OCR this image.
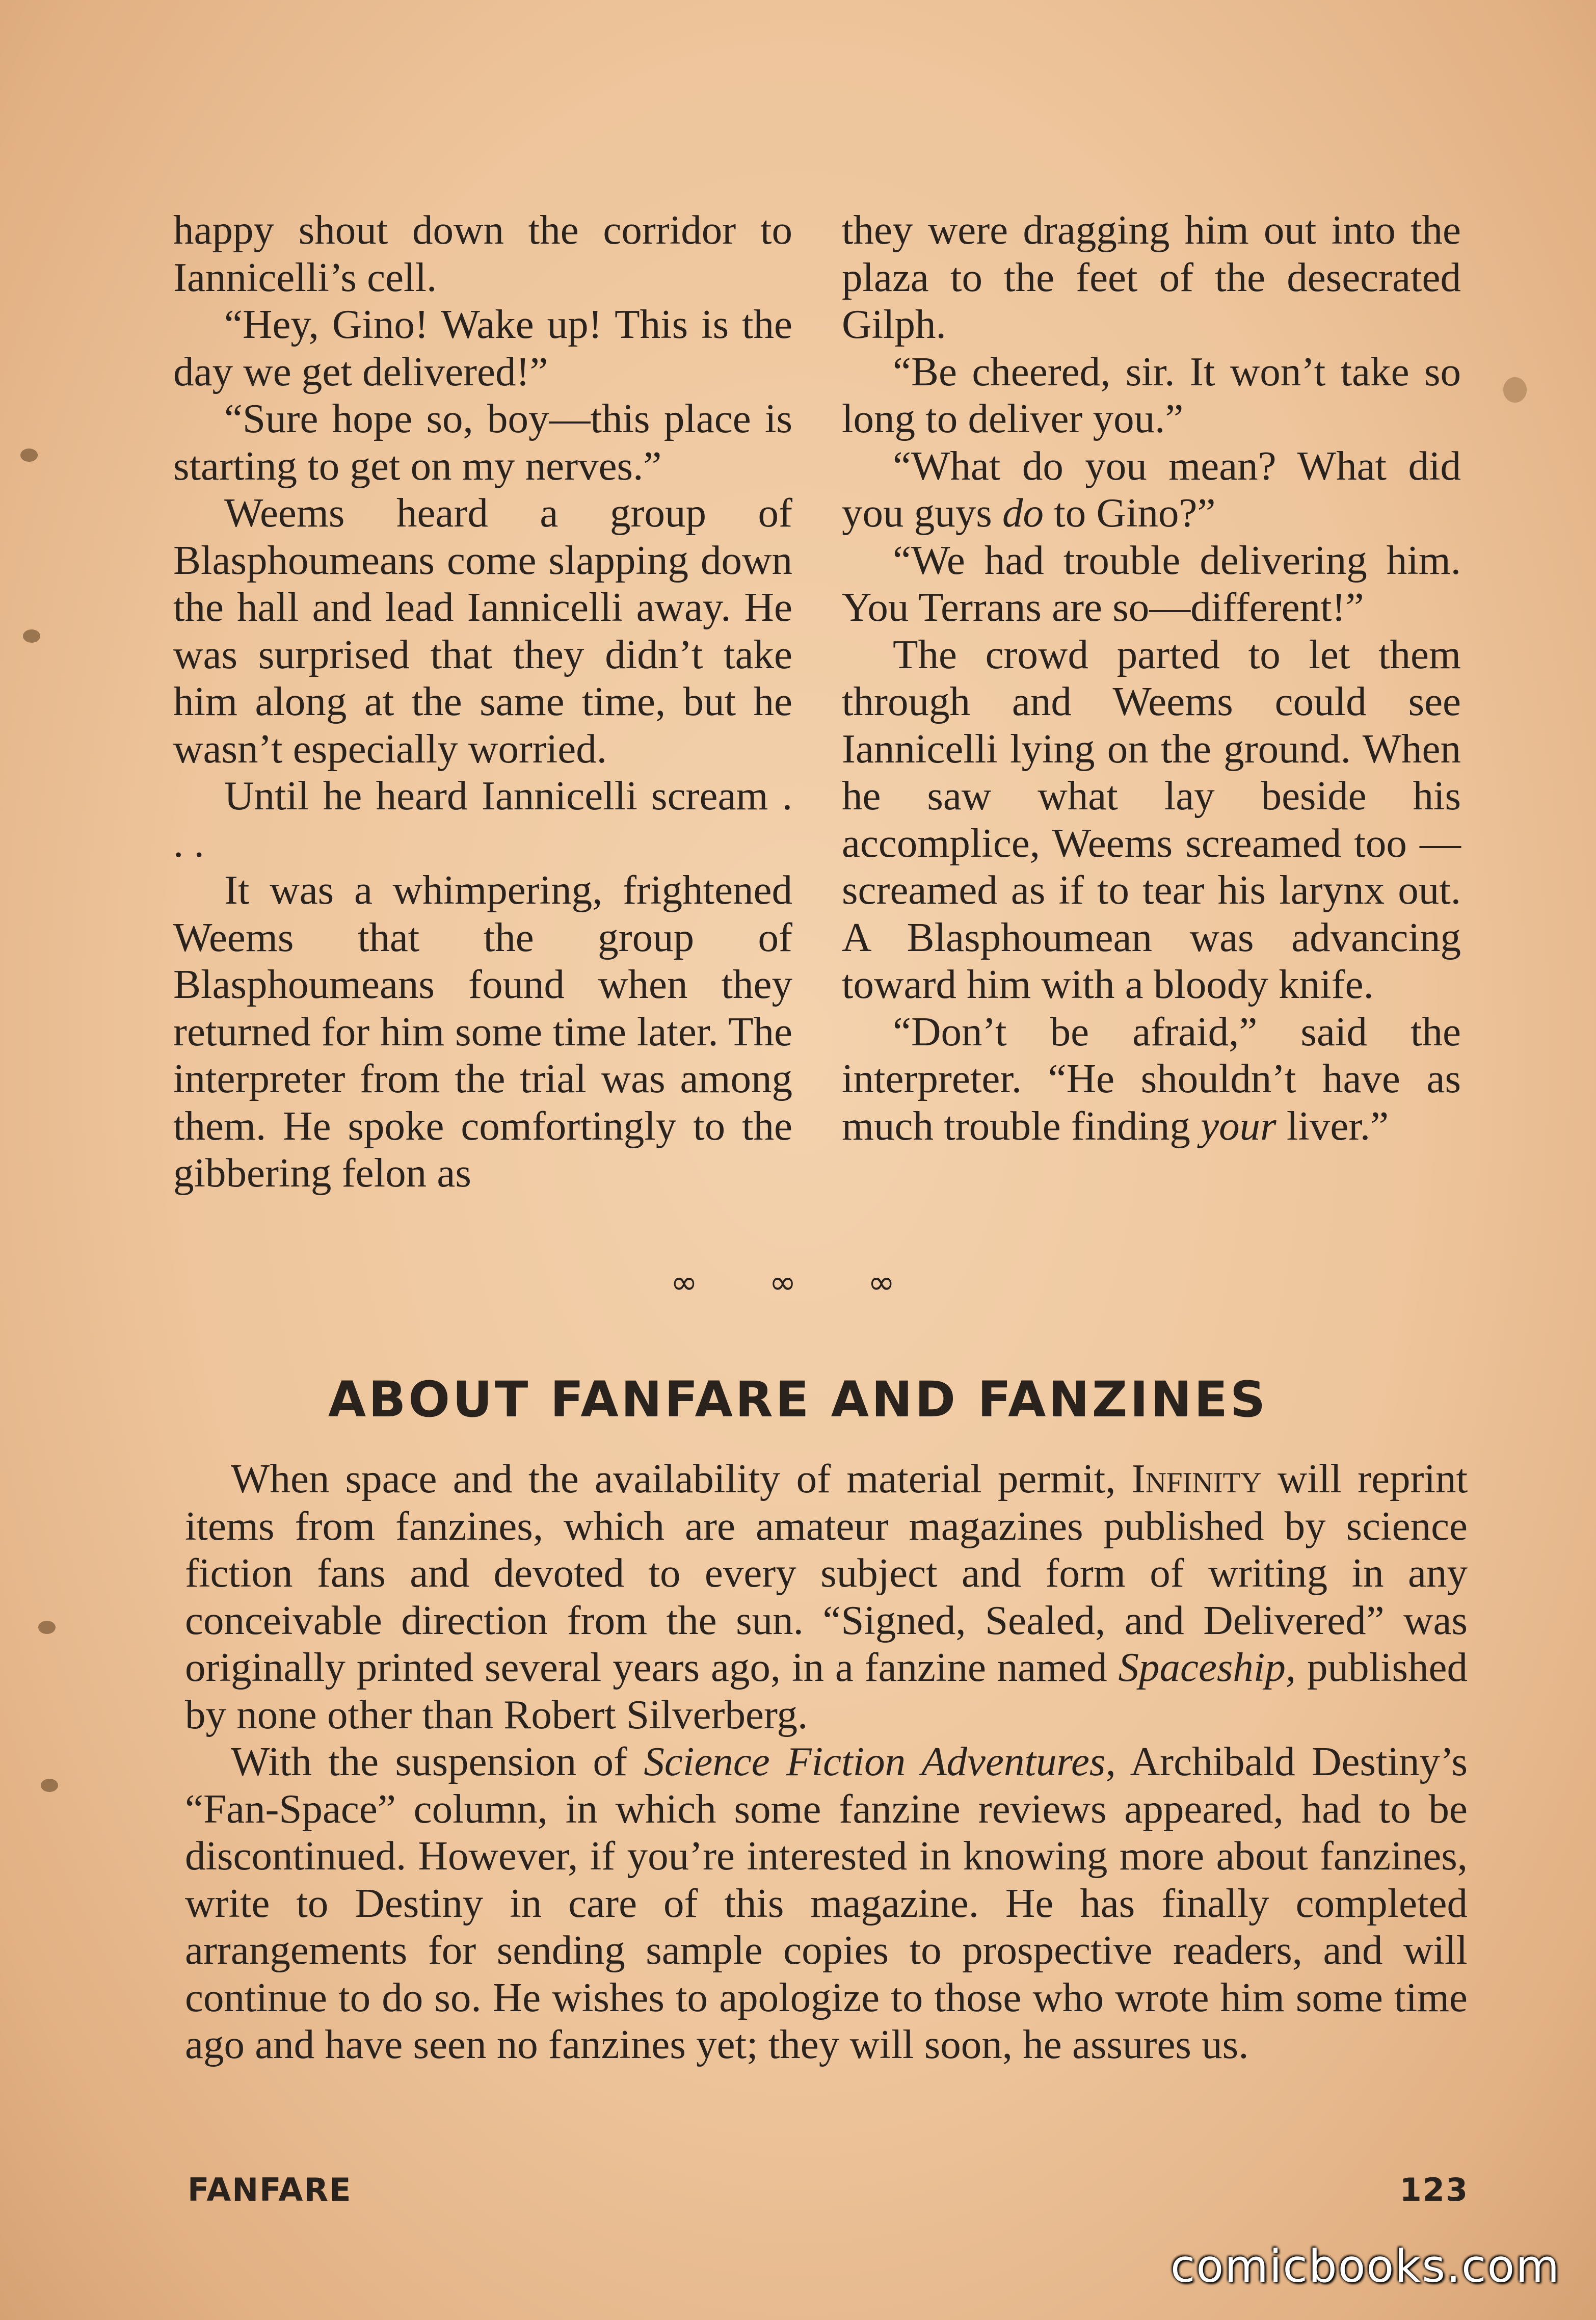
happy shout down the corridor to Iannicelli’s cell.

“Hey, Gino! Wake up! This is the day we get delivered!”

“Sure hope so, boy—this place is starting to get on my nerves.”

Weems heard a group of Blasphoumeans come slapping down the hall and lead Iannicelli away. He was surprised that they didn’t take him along at the same time, but he wasn’t especially worried.

Until he heard Iannicelli scream . . .

It was a whimpering, frightened Weems that the group of Blasphoumeans found when they returned for him some time later. The interpreter from the trial was among them. He spoke comfortingly to the gibbering felon as

they were dragging him out into the plaza to the feet of the desecrated Gilph.

“Be cheered, sir. It won’t take so long to deliver you.”

“What do you mean? What did you guys do to Gino?”

“We had trouble delivering him. You Terrans are so—different!”

The crowd parted to let them through and Weems could see Iannicelli lying on the ground. When he saw what lay beside his accomplice, Weems screamed too —screamed as if to tear his larynx out. A Blasphoumean was advancing toward him with a bloody knife.

“Don’t be afraid,” said the interpreter. “He shouldn’t have as much trouble finding your liver.”

∞ ∞ ∞
ABOUT FANFARE AND FANZINES

When space and the availability of material permit, Infinity will reprint items from fanzines, which are amateur magazines published by science fiction fans and devoted to every subject and form of writing in any conceivable direction from the sun. “Signed, Sealed, and Delivered” was originally printed several years ago, in a fanzine named Spaceship, published by none other than Robert Silverberg.

With the suspension of Science Fiction Adventures, Archibald Destiny’s “Fan-Space” column, in which some fanzine reviews appeared, had to be discontinued. However, if you’re interested in knowing more about fanzines, write to Destiny in care of this magazine. He has finally completed arrangements for sending sample copies to prospective readers, and will continue to do so. He wishes to apologize to those who wrote him some time ago and have seen no fanzines yet; they will soon, he assures us.

FANFARE	123
comicbooks.com
